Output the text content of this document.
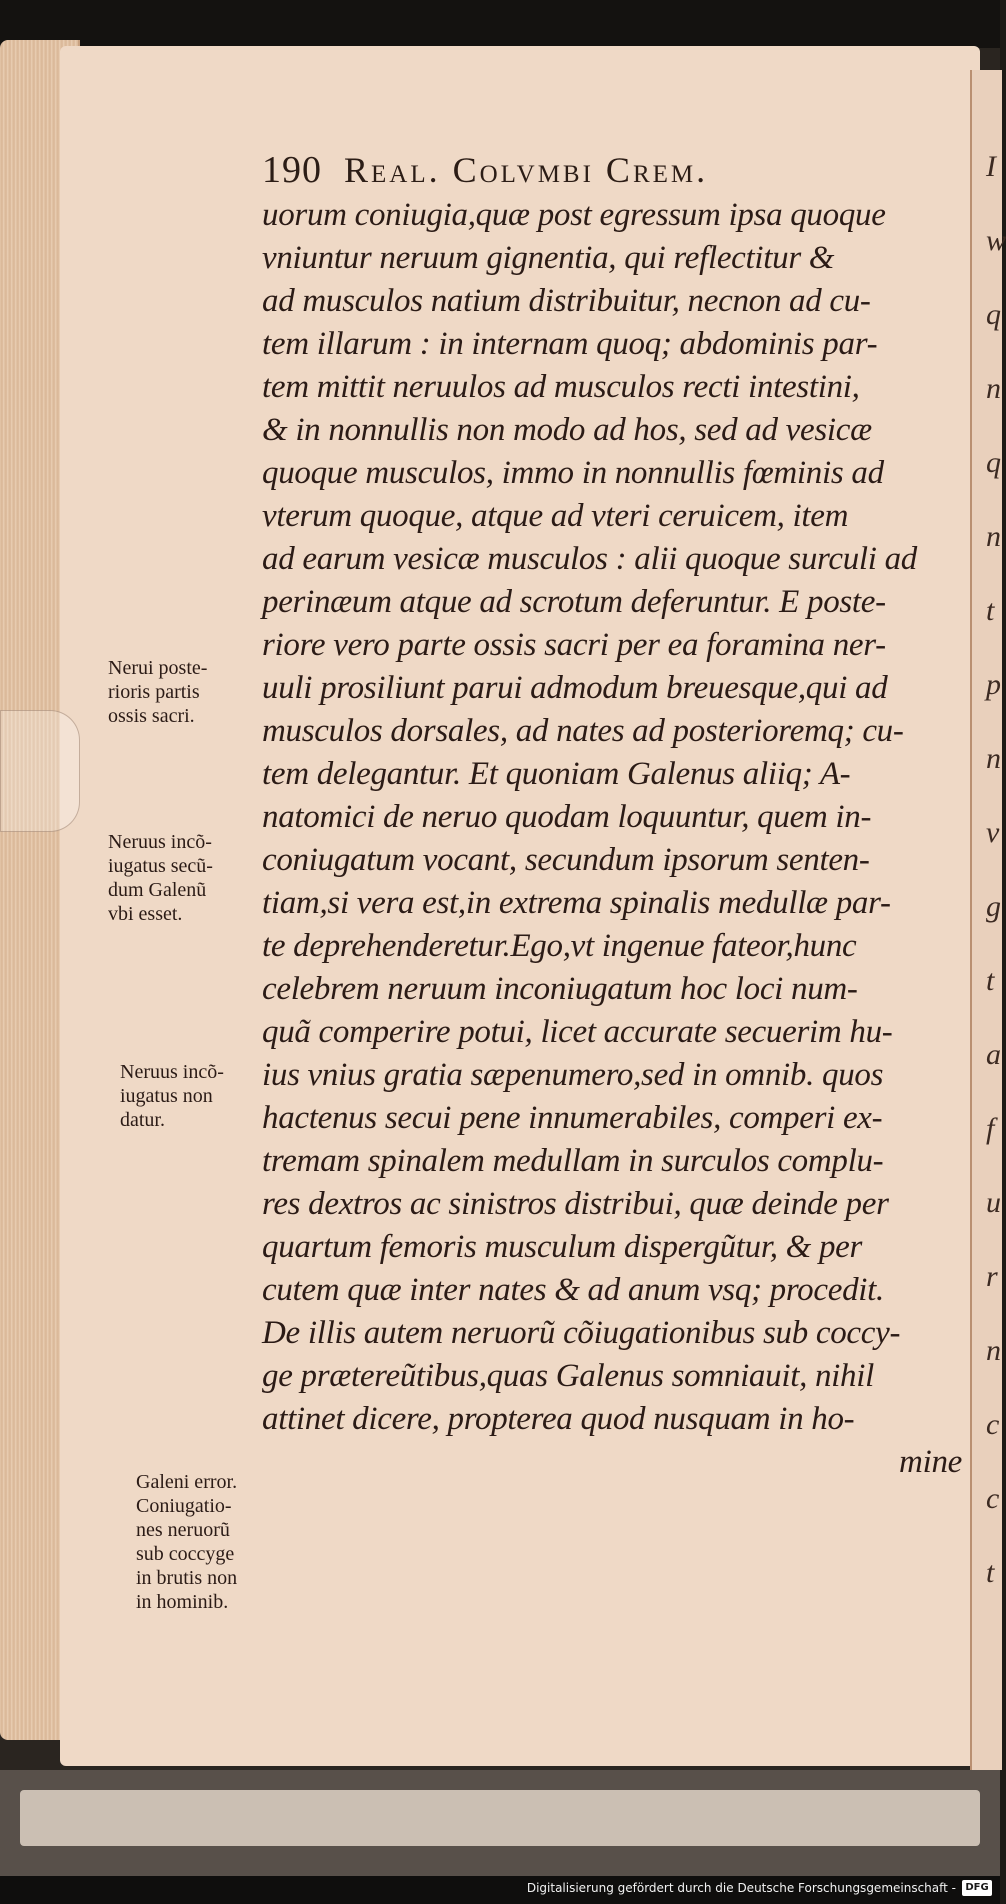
I
w
q
n
q
n
t
p
n
v
g
t
a
f
u
r
n
c
c
t
190 Real. Colvmbi Crem.
uorum coniugia,quæ post egressum ipsa quoque
vniuntur neruum gignentia, qui reflectitur &
ad musculos natium distribuitur, necnon ad cu-
tem illarum : in internam quoq; abdominis par-
tem mittit neruulos ad musculos recti intestini,
& in nonnullis non modo ad hos, sed ad vesicæ
quoque musculos, immo in nonnullis fœminis ad
vterum quoque, atque ad vteri ceruicem, item
ad earum vesicæ musculos : alii quoque surculi ad
perinæum atque ad scrotum deferuntur. E poste-
riore vero parte ossis sacri per ea foramina ner-
uuli prosiliunt parui admodum breuesque,qui ad
musculos dorsales, ad nates ad posterioremq; cu-
tem delegantur. Et quoniam Galenus aliiq; A-
natomici de neruo quodam loquuntur, quem in-
coniugatum vocant, secundum ipsorum senten-
tiam,si vera est,in extrema spinalis medullæ par-
te deprehenderetur.Ego,vt ingenue fateor,hunc
celebrem neruum inconiugatum hoc loci num-
quã comperire potui, licet accurate secuerim hu-
ius vnius gratia sæpenumero,sed in omnib. quos
hactenus secui pene innumerabiles, comperi ex-
tremam spinalem medullam in surculos complu-
res dextros ac sinistros distribui, quæ deinde per
quartum femoris musculum dispergũtur, & per
cutem quæ inter nates & ad anum vsq; procedit.
De illis autem neruorũ cõiugationibus sub coccy-
ge prætereũtibus,quas Galenus somniauit, nihil
attinet dicere, propterea quod nusquam in ho-
mine
Nerui poste-
rioris partis
ossis sacri.
Neruus incõ-
iugatus secũ-
dum Galenũ
vbi esset.
Neruus incõ-
iugatus non
datur.
Galeni error.
Coniugatio-
nes neruorũ
sub coccyge
in brutis non
in hominib.
Digitalisierung gefördert durch die Deutsche Forschungsgemeinschaft - DFG
